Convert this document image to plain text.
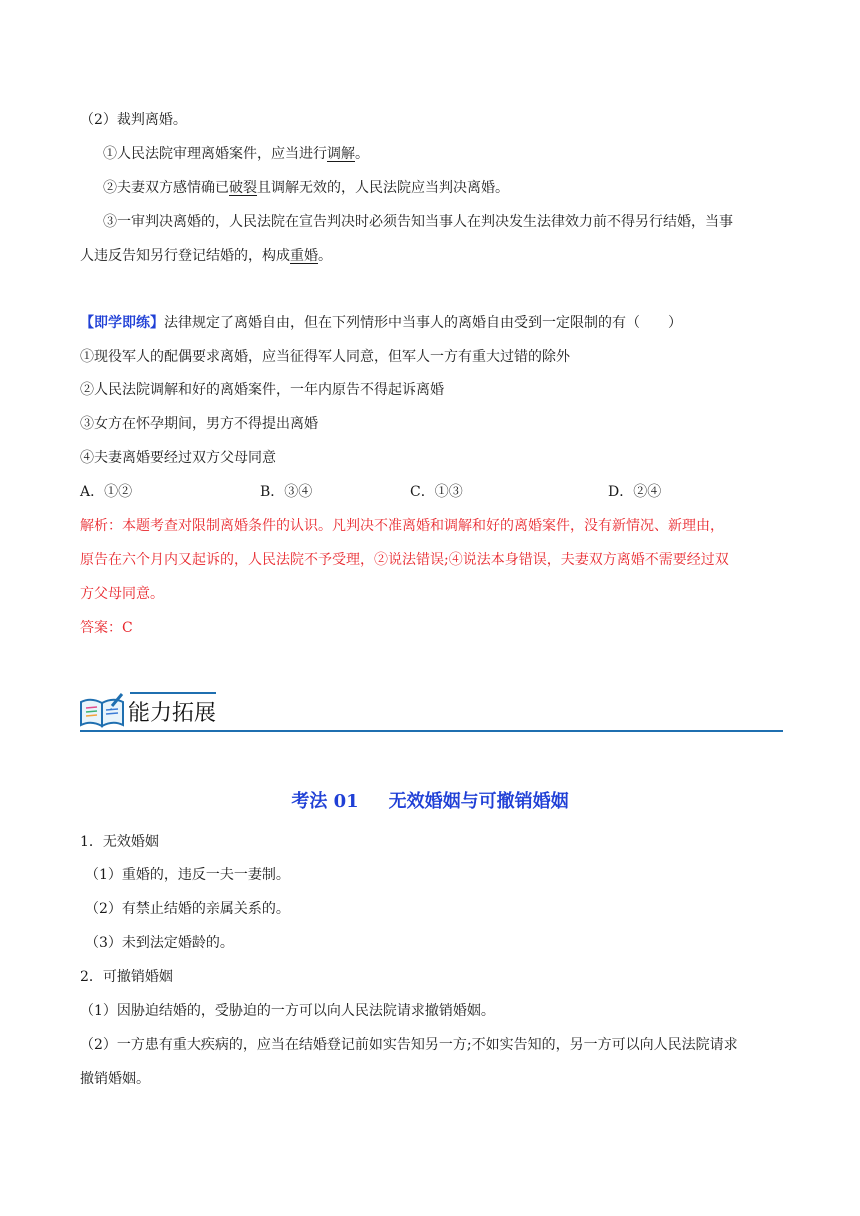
（2）裁判离婚。
①人民法院审理离婚案件，应当进行调解。
②夫妻双方感情确已破裂且调解无效的，人民法院应当判决离婚。
③一审判决离婚的，人民法院在宣告判决时必须告知当事人在判决发生法律效力前不得另行结婚，当事
人违反告知另行登记结婚的，构成重婚。
【即学即练】法律规定了离婚自由，但在下列情形中当事人的离婚自由受到一定限制的有（　　）
①现役军人的配偶要求离婚，应当征得军人同意，但军人一方有重大过错的除外
②人民法院调解和好的离婚案件，一年内原告不得起诉离婚
③女方在怀孕期间，男方不得提出离婚
④夫妻离婚要经过双方父母同意
A．①②	B．③④	C．①③	D．②④
解析：本题考查对限制离婚条件的认识。凡判决不准离婚和调解和好的离婚案件，没有新情况、新理由，
原告在六个月内又起诉的，人民法院不予受理，②说法错误;④说法本身错误，夫妻双方离婚不需要经过双
方父母同意。
答案：C
能力拓展
考法 01 无效婚姻与可撤销婚姻
1．无效婚姻
（1）重婚的，违反一夫一妻制。
（2）有禁止结婚的亲属关系的。
（3）未到法定婚龄的。
2．可撤销婚姻
（1）因胁迫结婚的，受胁迫的一方可以向人民法院请求撤销婚姻。
（2）一方患有重大疾病的，应当在结婚登记前如实告知另一方;不如实告知的，另一方可以向人民法院请求
撤销婚姻。
